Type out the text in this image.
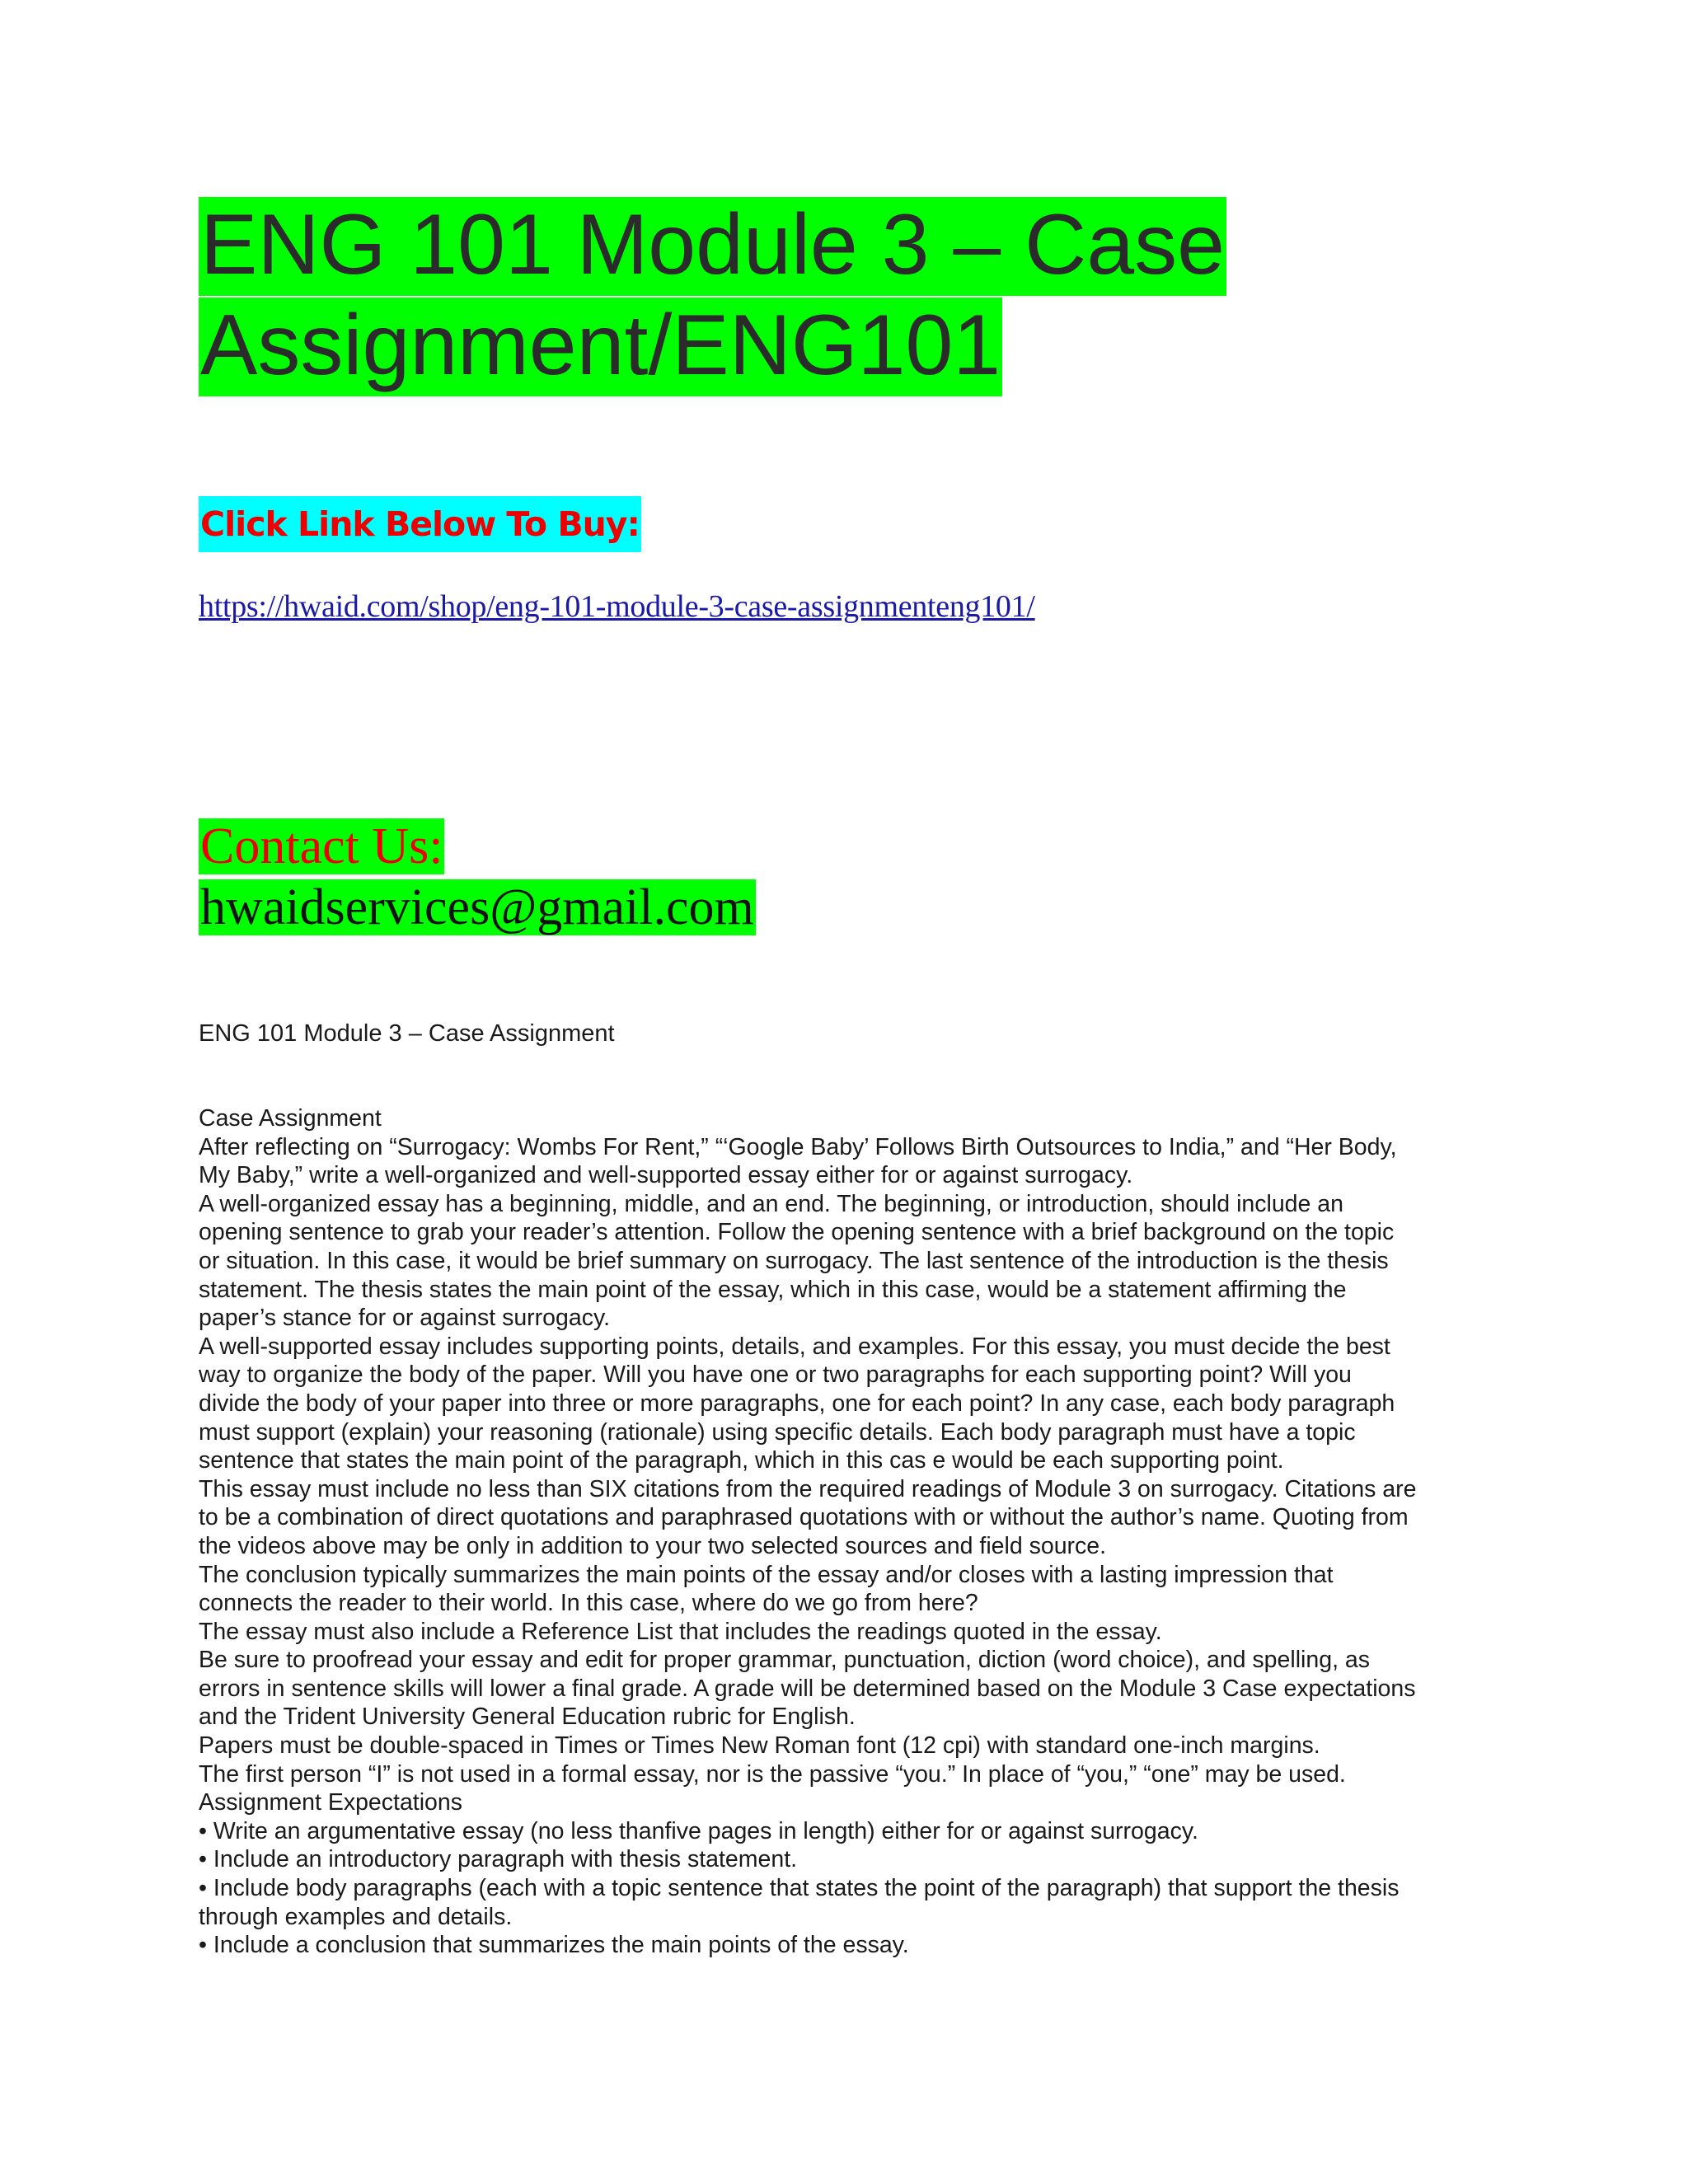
ENG 101 Module 3 – Case
Assignment/ENG101
Click Link Below To Buy:
https://hwaid.com/shop/eng-101-module-3-case-assignmenteng101/
Contact Us:
hwaidservices@gmail.com
ENG 101 Module 3 – Case Assignment
Case Assignment
After reflecting on “Surrogacy: Wombs For Rent,” “‘Google Baby’ Follows Birth Outsources to India,” and “Her Body,
My Baby,” write a well-organized and well-supported essay either for or against surrogacy.
A well-organized essay has a beginning, middle, and an end. The beginning, or introduction, should include an
opening sentence to grab your reader’s attention. Follow the opening sentence with a brief background on the topic
or situation. In this case, it would be brief summary on surrogacy. The last sentence of the introduction is the thesis
statement. The thesis states the main point of the essay, which in this case, would be a statement affirming the
paper’s stance for or against surrogacy.
A well-supported essay includes supporting points, details, and examples. For this essay, you must decide the best
way to organize the body of the paper. Will you have one or two paragraphs for each supporting point? Will you
divide the body of your paper into three or more paragraphs, one for each point? In any case, each body paragraph
must support (explain) your reasoning (rationale) using specific details. Each body paragraph must have a topic
sentence that states the main point of the paragraph, which in this cas e would be each supporting point.
This essay must include no less than SIX citations from the required readings of Module 3 on surrogacy. Citations are
to be a combination of direct quotations and paraphrased quotations with or without the author’s name. Quoting from
the videos above may be only in addition to your two selected sources and field source.
The conclusion typically summarizes the main points of the essay and/or closes with a lasting impression that
connects the reader to their world. In this case, where do we go from here?
The essay must also include a Reference List that includes the readings quoted in the essay.
Be sure to proofread your essay and edit for proper grammar, punctuation, diction (word choice), and spelling, as
errors in sentence skills will lower a final grade. A grade will be determined based on the Module 3 Case expectations
and the Trident University General Education rubric for English.
Papers must be double-spaced in Times or Times New Roman font (12 cpi) with standard one-inch margins.
The first person “I” is not used in a formal essay, nor is the passive “you.” In place of “you,” “one” may be used.
Assignment Expectations
• Write an argumentative essay (no less thanfive pages in length) either for or against surrogacy.
• Include an introductory paragraph with thesis statement.
• Include body paragraphs (each with a topic sentence that states the point of the paragraph) that support the thesis
through examples and details.
• Include a conclusion that summarizes the main points of the essay.
